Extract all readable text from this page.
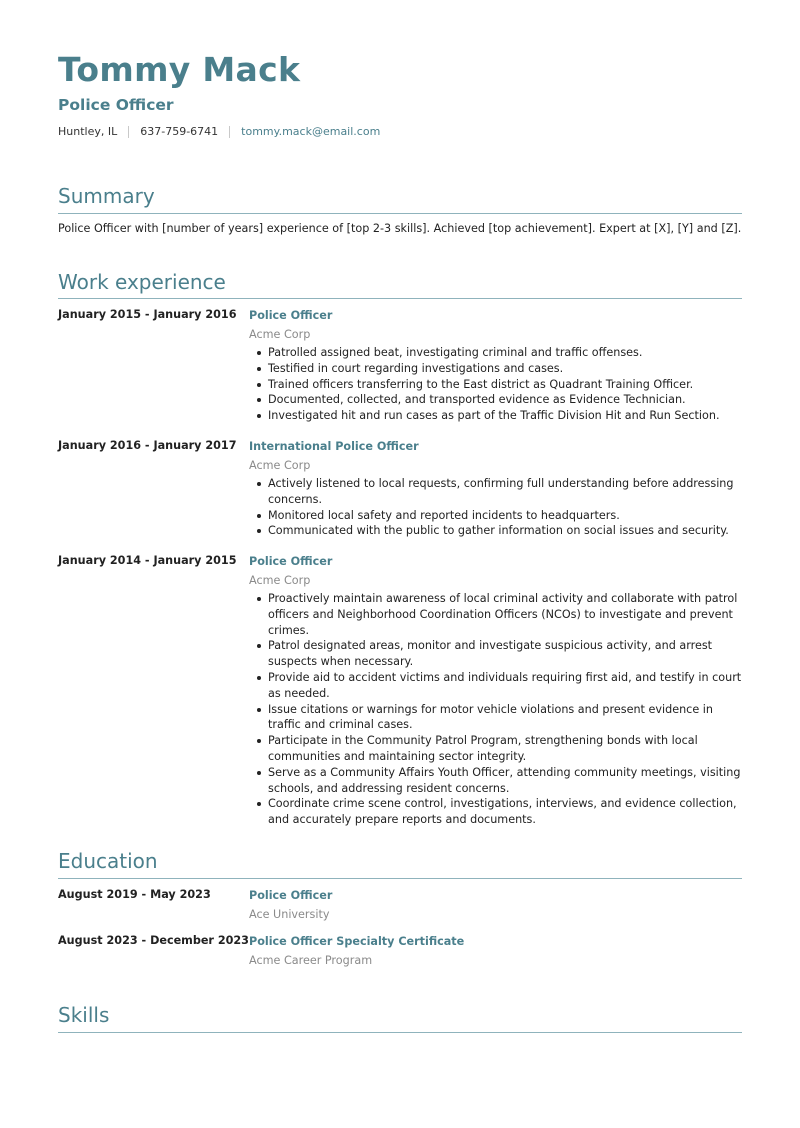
Tommy Mack
Police Officer
Huntley, IL 637-759-6741 tommy.mack@email.com
Summary
Police Officer with [number of years] experience of [top 2-3 skills]. Achieved [top achievement]. Expert at [X], [Y] and [Z].
Work experience
January 2015 - January 2016 Police Officer
Acme Corp
Patrolled assigned beat, investigating criminal and traffic offenses.
Testified in court regarding investigations and cases.
Trained officers transferring to the East district as Quadrant Training Officer.
Documented, collected, and transported evidence as Evidence Technician.
Investigated hit and run cases as part of the Traffic Division Hit and Run Section.
January 2016 - January 2017 International Police Officer
Acme Corp
Actively listened to local requests, confirming full understanding before addressing concerns.
Monitored local safety and reported incidents to headquarters.
Communicated with the public to gather information on social issues and security.
January 2014 - January 2015 Police Officer
Acme Corp
Proactively maintain awareness of local criminal activity and collaborate with patrol officers and Neighborhood Coordination Officers (NCOs) to investigate and prevent crimes.
Patrol designated areas, monitor and investigate suspicious activity, and arrest suspects when necessary.
Provide aid to accident victims and individuals requiring first aid, and testify in court as needed.
Issue citations or warnings for motor vehicle violations and present evidence in traffic and criminal cases.
Participate in the Community Patrol Program, strengthening bonds with local communities and maintaining sector integrity.
Serve as a Community Affairs Youth Officer, attending community meetings, visiting schools, and addressing resident concerns.
Coordinate crime scene control, investigations, interviews, and evidence collection, and accurately prepare reports and documents.
Education
August 2019 - May 2023	Police Officer
Ace University
August 2023 - December 2023 Police Officer Specialty Certificate
Acme Career Program
Skills
